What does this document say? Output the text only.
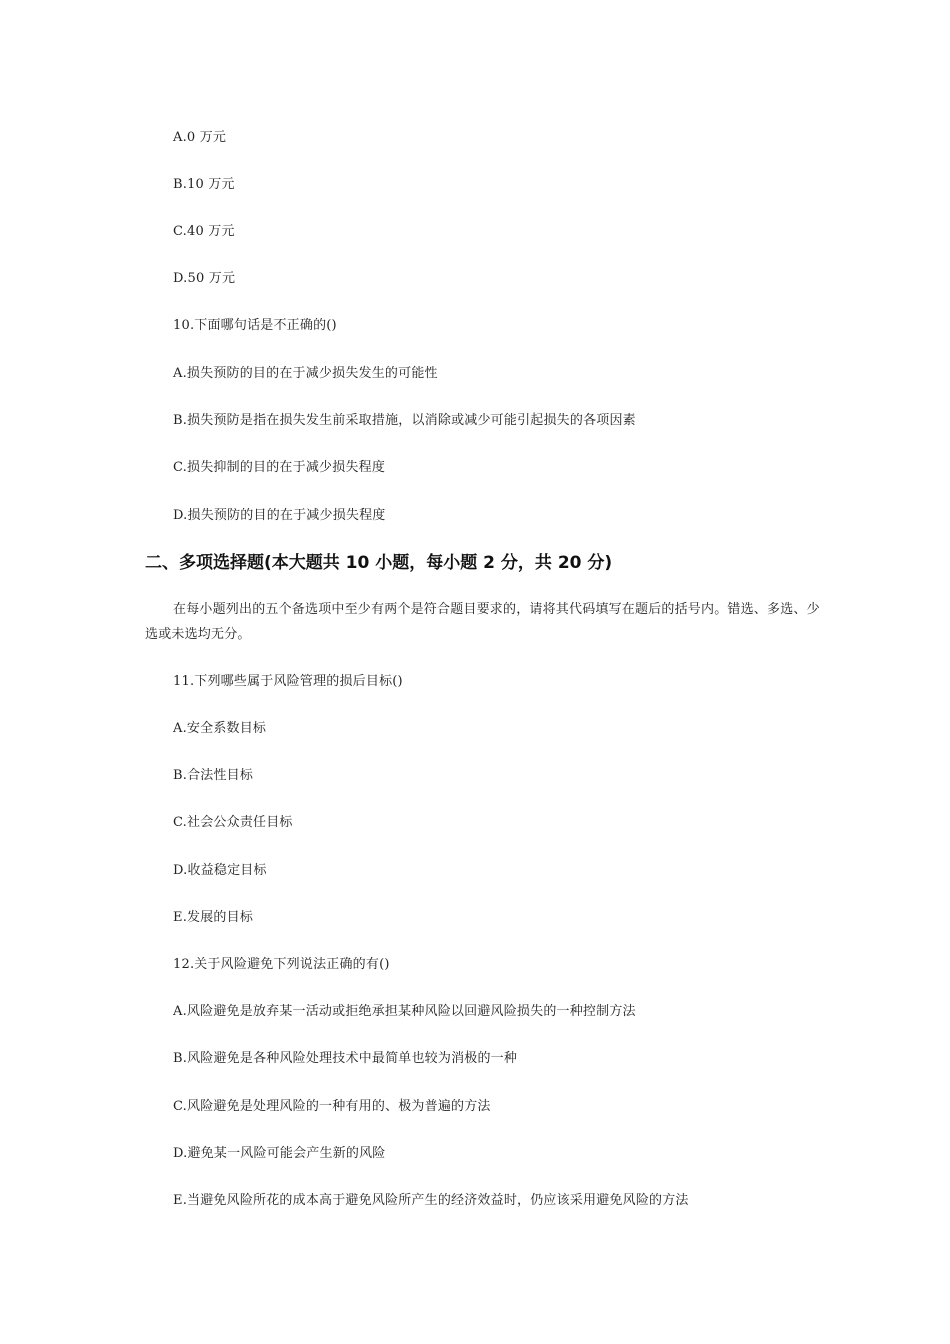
A.0 万元
B.10 万元
C.40 万元
D.50 万元
10.下面哪句话是不正确的()
A.损失预防的目的在于减少损失发生的可能性
B.损失预防是指在损失发生前采取措施，以消除或减少可能引起损失的各项因素
C.损失抑制的目的在于减少损失程度
D.损失预防的目的在于减少损失程度
二、多项选择题(本大题共 10 小题，每小题 2 分，共 20 分)
在每小题列出的五个备选项中至少有两个是符合题目要求的，请将其代码填写在题后的括号内。错选、多选、少选或未选均无分。
11.下列哪些属于风险管理的损后目标()
A.安全系数目标
B.合法性目标
C.社会公众责任目标
D.收益稳定目标
E.发展的目标
12.关于风险避免下列说法正确的有()
A.风险避免是放弃某一活动或拒绝承担某种风险以回避风险损失的一种控制方法
B.风险避免是各种风险处理技术中最简单也较为消极的一种
C.风险避免是处理风险的一种有用的、极为普遍的方法
D.避免某一风险可能会产生新的风险
E.当避免风险所花的成本高于避免风险所产生的经济效益时，仍应该采用避免风险的方法
